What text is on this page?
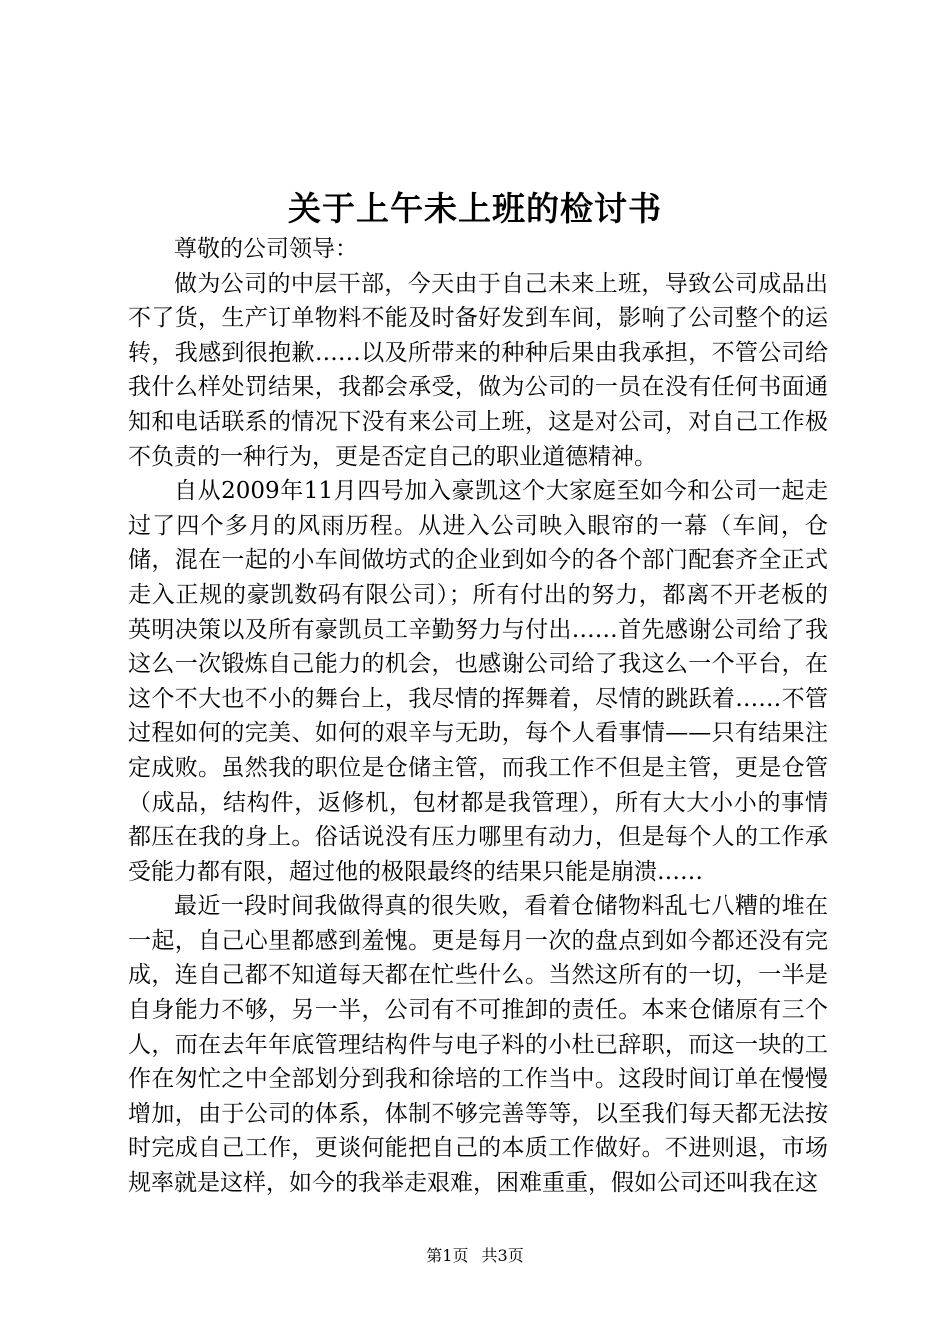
关于上午未上班的检讨书

尊敬的公司领导：

做为公司的中层干部，今天由于自己未来上班，导致公司成品出不了货，生产订单物料不能及时备好发到车间，影响了公司整个的运转，我感到很抱歉……以及所带来的种种后果由我承担，不管公司给我什么样处罚结果，我都会承受，做为公司的一员在没有任何书面通知和电话联系的情况下没有来公司上班，这是对公司，对自己工作极不负责的一种行为，更是否定自己的职业道德精神。

自从2009年11月四号加入豪凯这个大家庭至如今和公司一起走过了四个多月的风雨历程。从进入公司映入眼帘的一幕（车间，仓储，混在一起的小车间做坊式的企业到如今的各个部门配套齐全正式走入正规的豪凯数码有限公司）；所有付出的努力，都离不开老板的英明决策以及所有豪凯员工辛勤努力与付出……首先感谢公司给了我这么一次锻炼自己能力的机会，也感谢公司给了我这么一个平台，在这个不大也不小的舞台上，我尽情的挥舞着，尽情的跳跃着……不管过程如何的完美、如何的艰辛与无助，每个人看事情——只有结果注定成败。虽然我的职位是仓储主管，而我工作不但是主管，更是仓管（成品，结构件，返修机，包材都是我管理），所有大大小小的事情都压在我的身上。俗话说没有压力哪里有动力，但是每个人的工作承受能力都有限，超过他的极限最终的结果只能是崩溃……

最近一段时间我做得真的很失败，看着仓储物料乱七八糟的堆在一起，自己心里都感到羞愧。更是每月一次的盘点到如今都还没有完成，连自己都不知道每天都在忙些什么。当然这所有的一切，一半是自身能力不够，另一半，公司有不可推卸的责任。本来仓储原有三个人，而在去年年底管理结构件与电子料的小杜已辞职，而这一块的工作在匆忙之中全部划分到我和徐培的工作当中。这段时间订单在慢慢增加，由于公司的体系，体制不够完善等等，以至我们每天都无法按时完成自己工作，更谈何能把自己的本质工作做好。不进则退，市场规率就是这样，如今的我举走艰难，困难重重，假如公司还叫我在这

第1页 共3页
